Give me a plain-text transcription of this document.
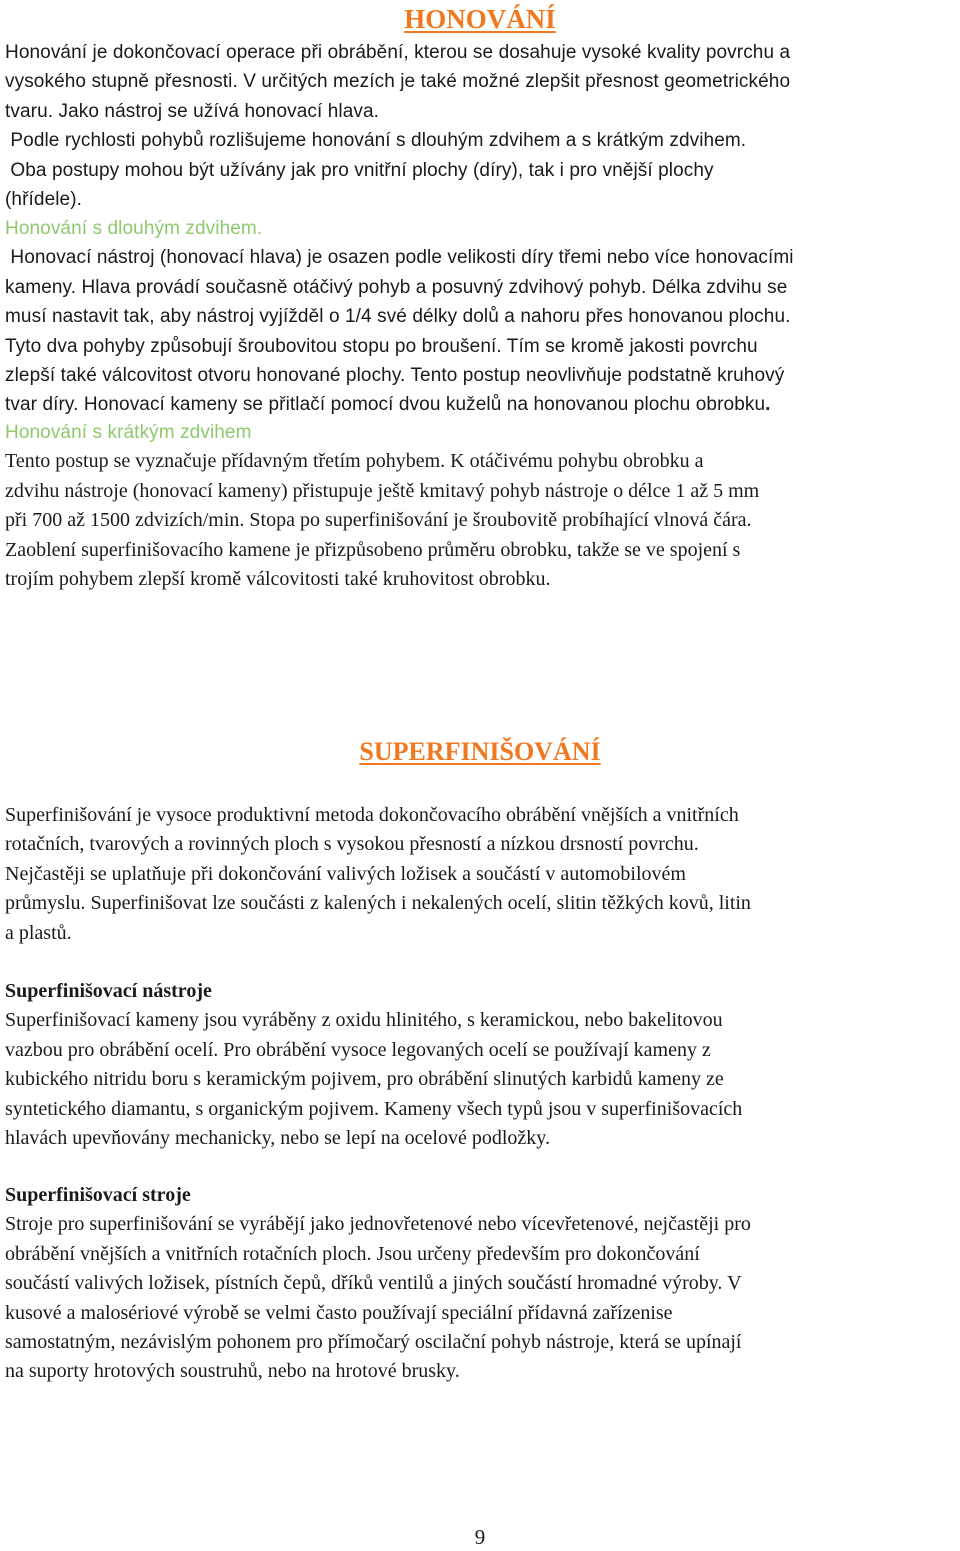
HONOVÁNÍ
Honování je dokončovací operace při obrábění, kterou se dosahuje vysoké kvality povrchu a
vysokého stupně přesnosti. V určitých mezích je také možné zlepšit přesnost geometrického
tvaru. Jako nástroj se užívá honovací hlava.
Podle rychlosti pohybů rozlišujeme honování s dlouhým zdvihem a s krátkým zdvihem.
Oba postupy mohou být užívány jak pro vnitřní plochy (díry), tak i pro vnější plochy
(hřídele).
Honování s dlouhým zdvihem.
Honovací nástroj (honovací hlava) je osazen podle velikosti díry třemi nebo více honovacími
kameny. Hlava provádí současně otáčivý pohyb a posuvný zdvihový pohyb. Délka zdvihu se
musí nastavit tak, aby nástroj vyjížděl o 1/4 své délky dolů a nahoru přes honovanou plochu.
Tyto dva pohyby způsobují šroubovitou stopu po broušení. Tím se kromě jakosti povrchu
zlepší také válcovitost otvoru honované plochy. Tento postup neovlivňuje podstatně kruhový
tvar díry. Honovací kameny se přitlačí pomocí dvou kuželů na honovanou plochu obrobku.
Honování s krátkým zdvihem
Tento postup se vyznačuje přídavným třetím pohybem. K otáčivému pohybu obrobku a
zdvihu nástroje (honovací kameny) přistupuje ještě kmitavý pohyb nástroje o délce 1 až 5 mm
při 700 až 1500 zdvizích/min. Stopa po superfinišování je šroubovitě probíhající vlnová čára.
Zaoblení superfinišovacího kamene je přizpůsobeno průměru obrobku, takže se ve spojení s
trojím pohybem zlepší kromě válcovitosti také kruhovitost obrobku.
SUPERFINIŠOVÁNÍ
Superfinišování je vysoce produktivní metoda dokončovacího obrábění vnějších a vnitřních
rotačních, tvarových a rovinných ploch s vysokou přesností a nízkou drsností povrchu.
Nejčastěji se uplatňuje při dokončování valivých ložisek a součástí v automobilovém
průmyslu. Superfinišovat lze součásti z kalených i nekalených ocelí, slitin těžkých kovů, litin
a plastů.
Superfinišovací nástroje
Superfinišovací kameny jsou vyráběny z oxidu hlinitého, s keramickou, nebo bakelitovou
vazbou pro obrábění ocelí. Pro obrábění vysoce legovaných ocelí se používají kameny z
kubického nitridu boru s keramickým pojivem, pro obrábění slinutých karbidů kameny ze
syntetického diamantu, s organickým pojivem. Kameny všech typů jsou v superfinišovacích
hlavách upevňovány mechanicky, nebo se lepí na ocelové podložky.
Superfinišovací stroje
Stroje pro superfinišování se vyrábějí jako jednovřetenové nebo vícevřetenové, nejčastěji pro
obrábění vnějších a vnitřních rotačních ploch. Jsou určeny především pro dokončování
součástí valivých ložisek, pístních čepů, dříků ventilů a jiných součástí hromadné výroby. V
kusové a malosériové výrobě se velmi často používají speciální přídavná zařízenise
samostatným, nezávislým pohonem pro přímočarý oscilační pohyb nástroje, která se upínají
na suporty hrotových soustruhů, nebo na hrotové brusky.
9
